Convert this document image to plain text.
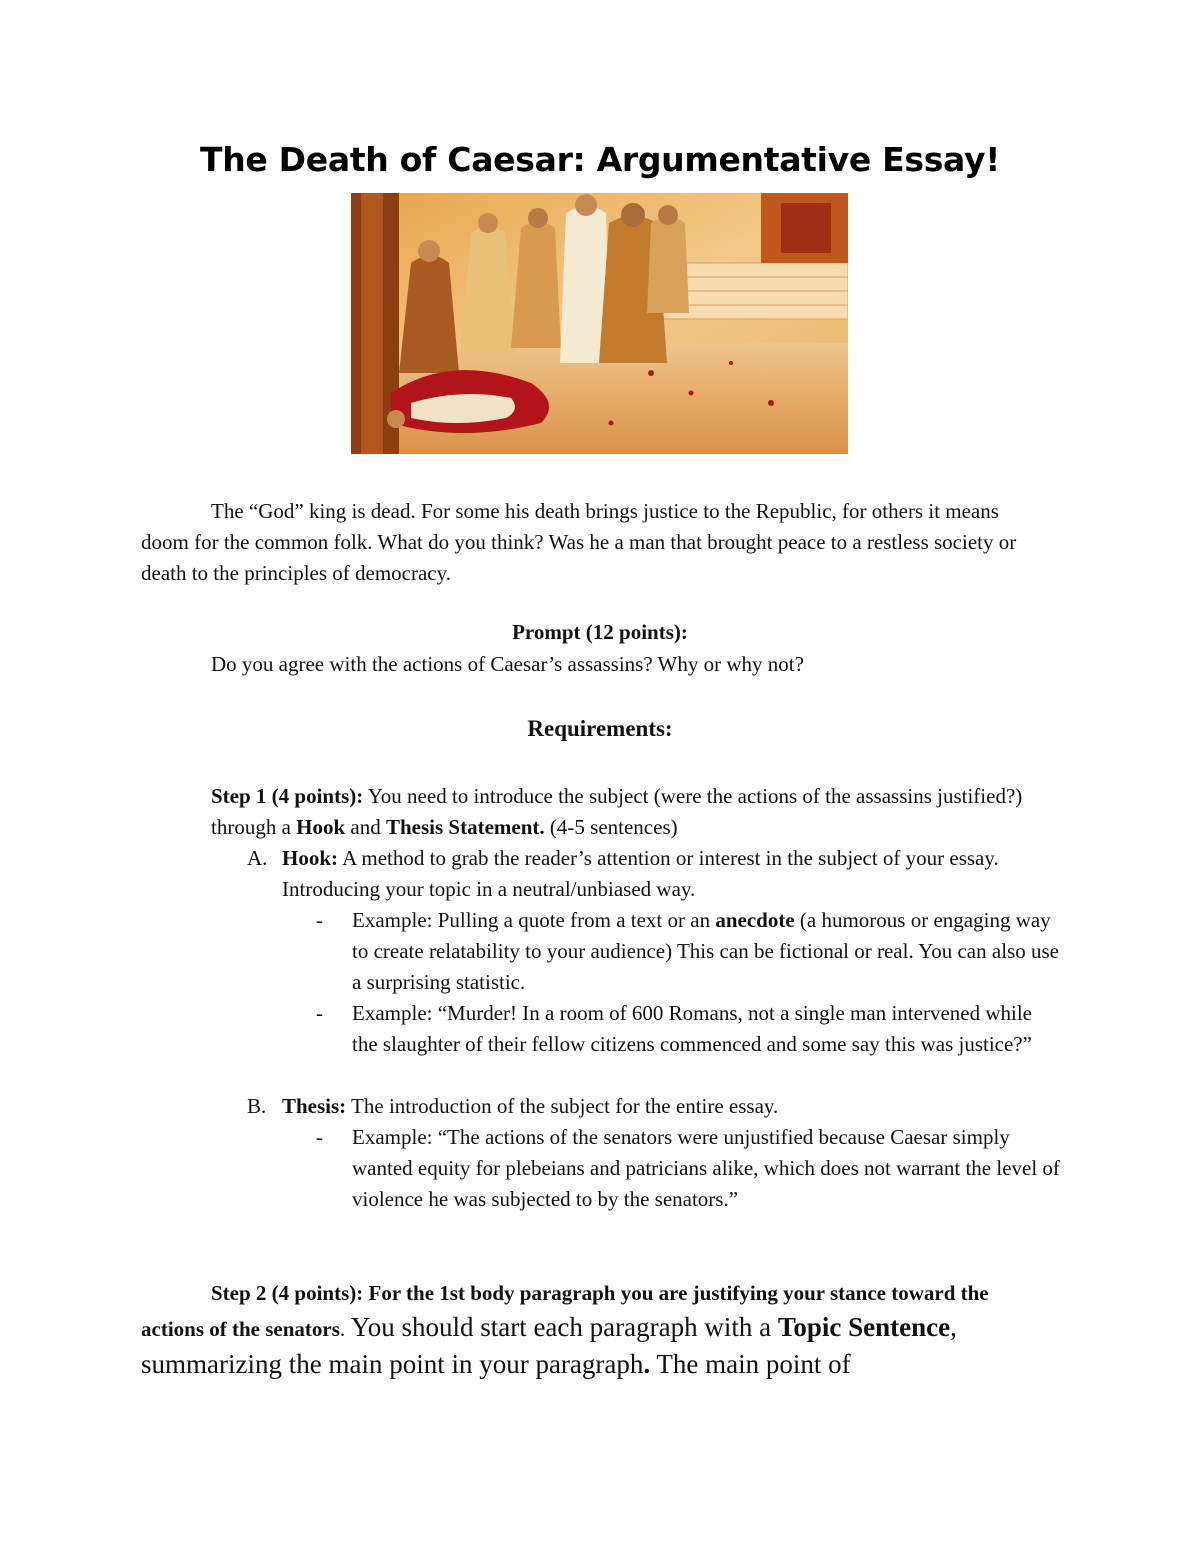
The Death of Caesar: Argumentative Essay!
The “God” king is dead. For some his death brings justice to the Republic, for others it means doom for the common folk. What do you think? Was he a man that brought peace to a restless society or death to the principles of democracy.
Prompt (12 points):
Do you agree with the actions of Caesar’s assassins? Why or why not?
Requirements:
Step 1 (4 points): You need to introduce the subject (were the actions of the assassins justified?) through a Hook and Thesis Statement. (4-5 sentences)
A. Hook: A method to grab the reader’s attention or interest in the subject of your essay. Introducing your topic in a neutral/unbiased way.
- Example: Pulling a quote from a text or an anecdote (a humorous or engaging way to create relatability to your audience) This can be fictional or real. You can also use a surprising statistic.
- Example: “Murder! In a room of 600 Romans, not a single man intervened while the slaughter of their fellow citizens commenced and some say this was justice?”
B. Thesis: The introduction of the subject for the entire essay.
- Example: “The actions of the senators were unjustified because Caesar simply wanted equity for plebeians and patricians alike, which does not warrant the level of violence he was subjected to by the senators.”
Step 2 (4 points): For the 1st body paragraph you are justifying your stance toward the actions of the senators. You should start each paragraph with a Topic Sentence, summarizing the main point in your paragraph. The main point of
